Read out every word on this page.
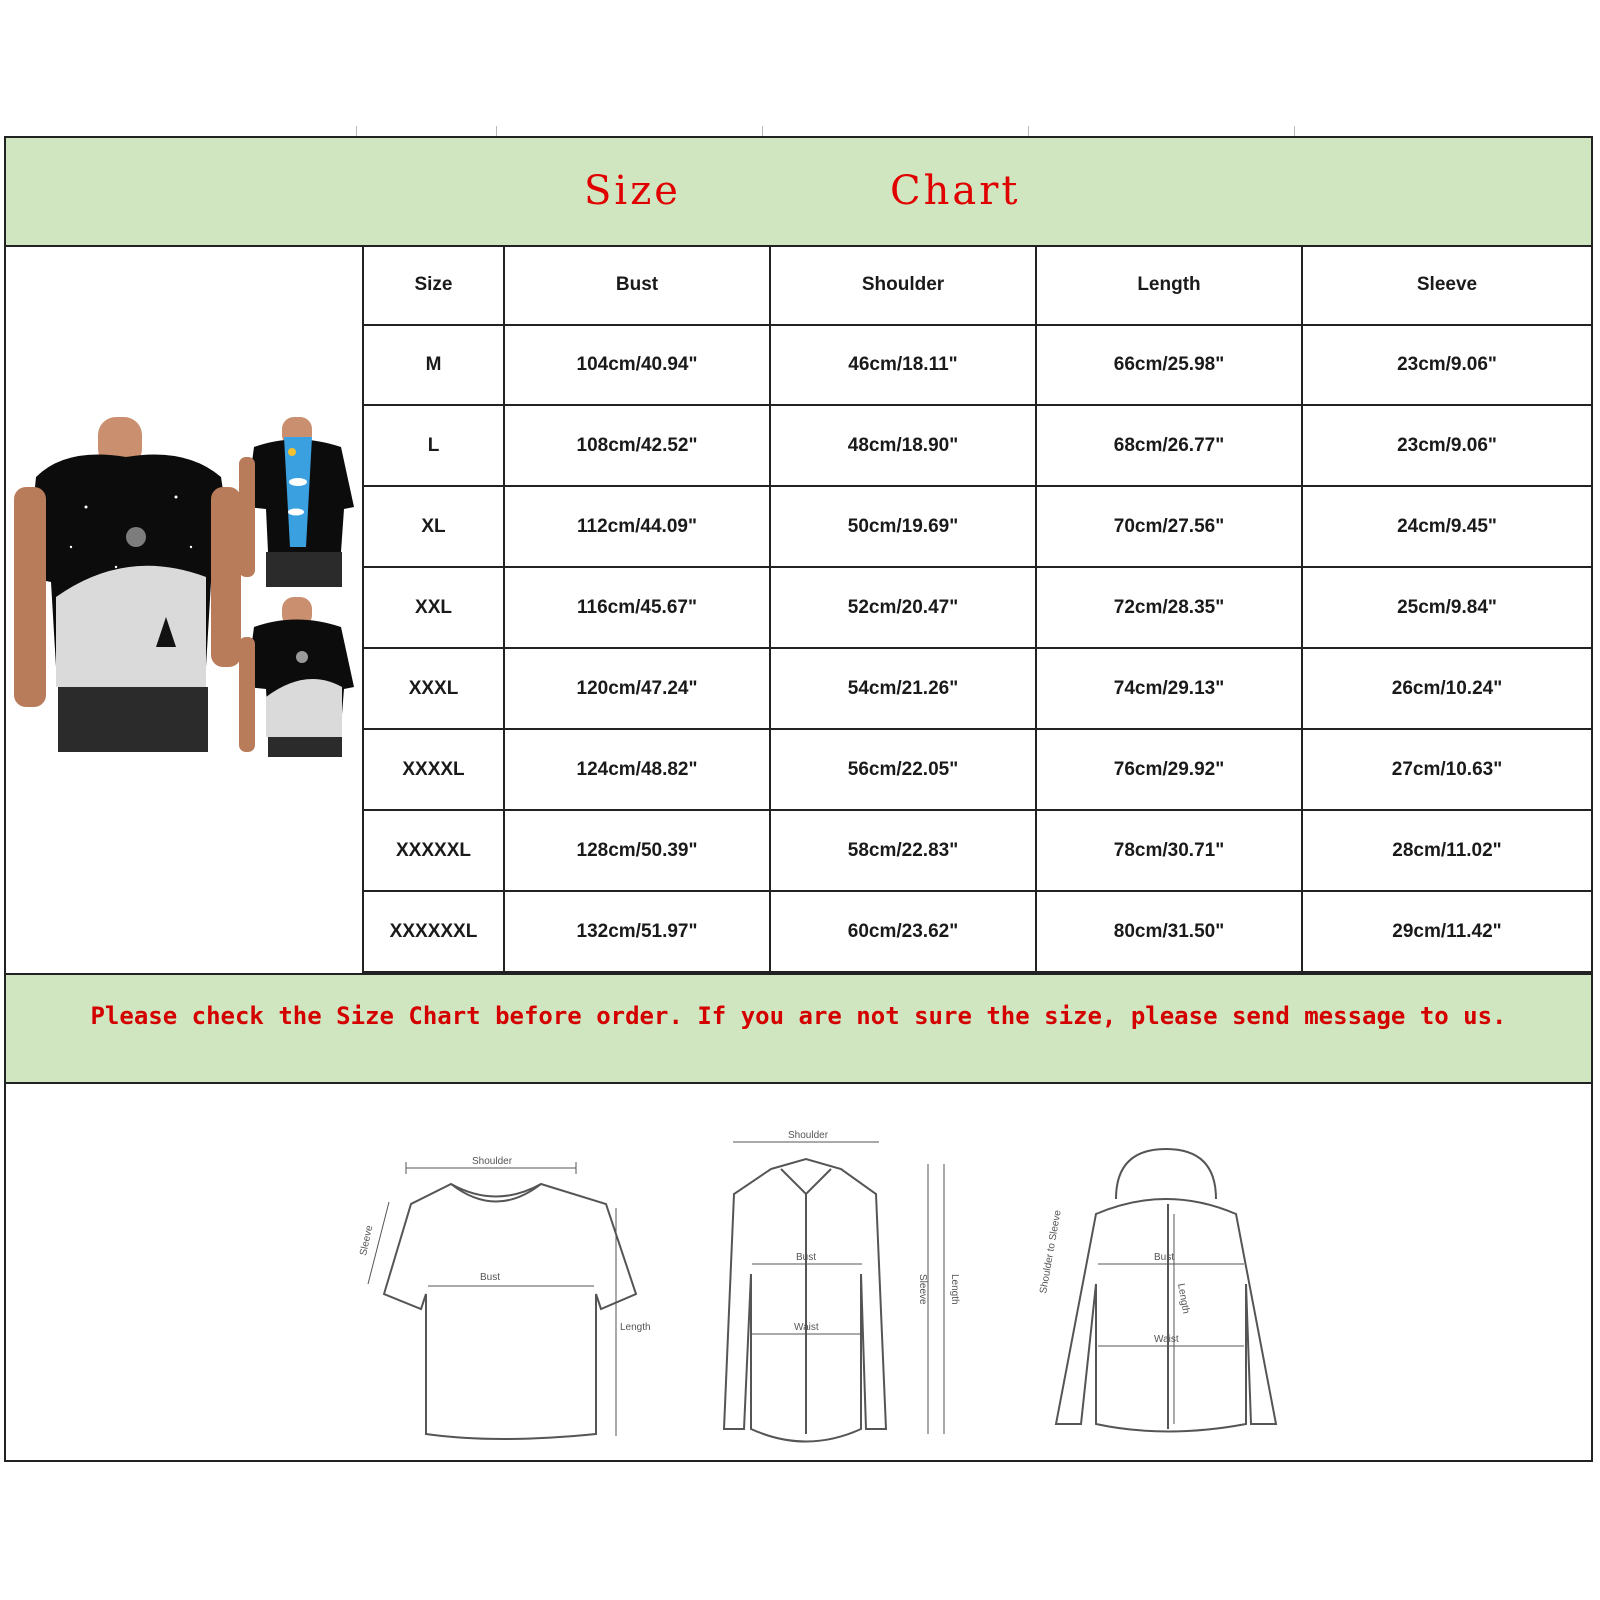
Size	Chart
Size	Bust	Shoulder	Length	Sleeve
M	104cm/40.94"	46cm/18.11"	66cm/25.98"	23cm/9.06"
L	108cm/42.52"	48cm/18.90"	68cm/26.77"	23cm/9.06"
XL	112cm/44.09"	50cm/19.69"	70cm/27.56"	24cm/9.45"
XXL	116cm/45.67"	52cm/20.47"	72cm/28.35"	25cm/9.84"
XXXL	120cm/47.24"	54cm/21.26"	74cm/29.13"	26cm/10.24"
XXXXL	124cm/48.82"	56cm/22.05"	76cm/29.92"	27cm/10.63"
XXXXXL	128cm/50.39"	58cm/22.83"	78cm/30.71"	28cm/11.02"
XXXXXXL	132cm/51.97"	60cm/23.62"	80cm/31.50"	29cm/11.42"
Please check the Size Chart before order. If you are not sure the size, please send message to us.
Shoulder
Bust
Length
Sleeve
Shoulder
Bust
Waist
Sleeve Length	Shoulder to Sleeve	Bust
Length
Waist
